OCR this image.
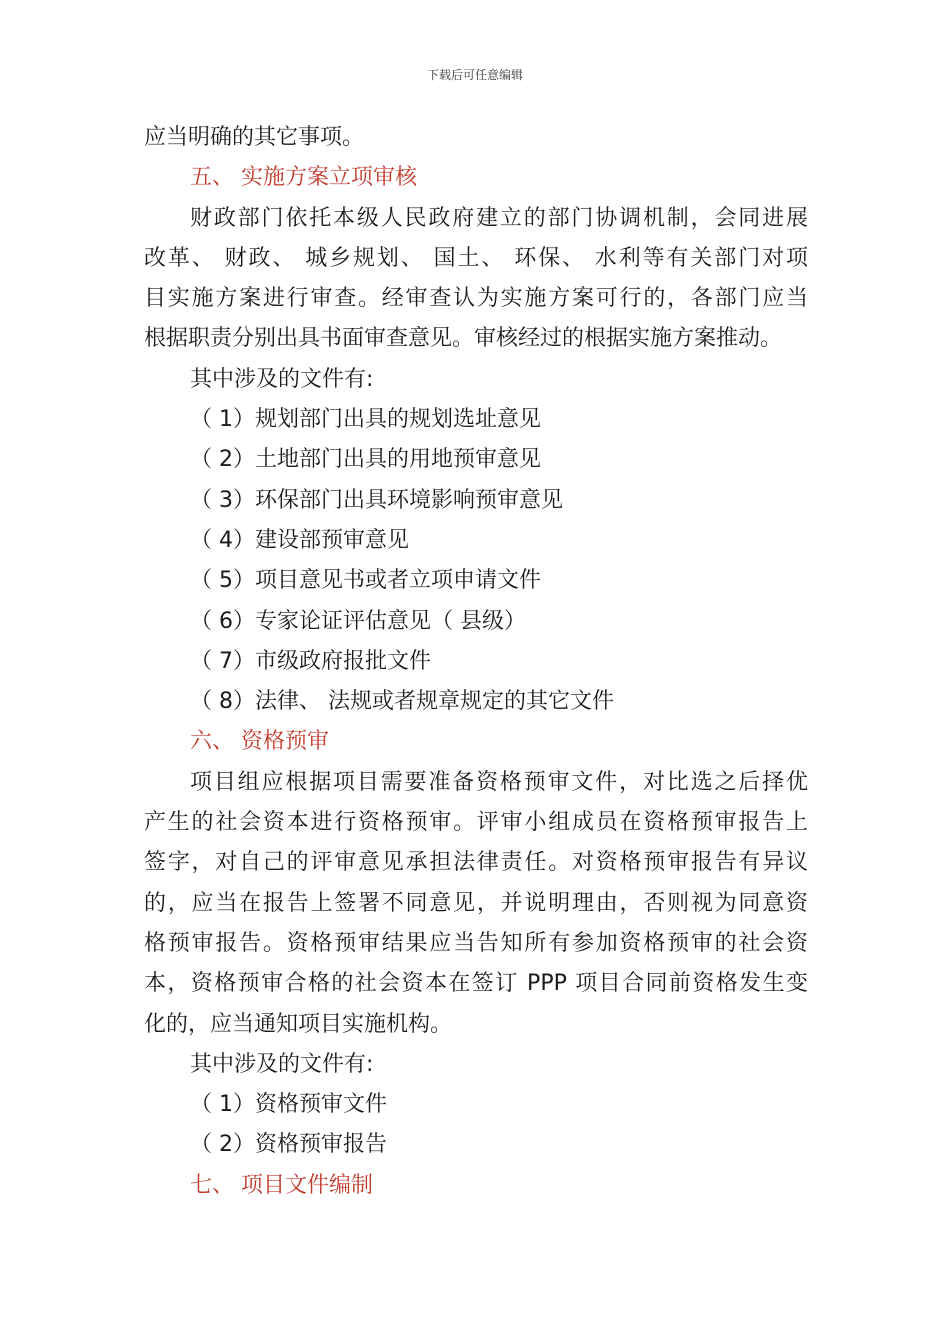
下载后可任意编辑
应当明确的其它事项。
五、 实施方案立项审核
财政部门依托本级人民政府建立的部门协调机制，会同进展
改革、 财政、 城乡规划、 国土、 环保、 水利等有关部门对项
目实施方案进行审查。经审查认为实施方案可行的，各部门应当
根据职责分别出具书面审查意见。审核经过的根据实施方案推动。
其中涉及的文件有:
（ 1）规划部门出具的规划选址意见
（ 2）土地部门出具的用地预审意见
（ 3）环保部门出具环境影响预审意见
（ 4）建设部预审意见
（ 5）项目意见书或者立项申请文件
（ 6）专家论证评估意见（ 县级）
（ 7）市级政府报批文件
（ 8）法律、 法规或者规章规定的其它文件
六、 资格预审
项目组应根据项目需要准备资格预审文件，对比选之后择优
产生的社会资本进行资格预审。评审小组成员在资格预审报告上
签字，对自己的评审意见承担法律责任。对资格预审报告有异议
的，应当在报告上签署不同意见，并说明理由，否则视为同意资
格预审报告。资格预审结果应当告知所有参加资格预审的社会资
本，资格预审合格的社会资本在签订 PPP 项目合同前资格发生变
化的，应当通知项目实施机构。
其中涉及的文件有:
（ 1）资格预审文件
（ 2）资格预审报告
七、 项目文件编制
